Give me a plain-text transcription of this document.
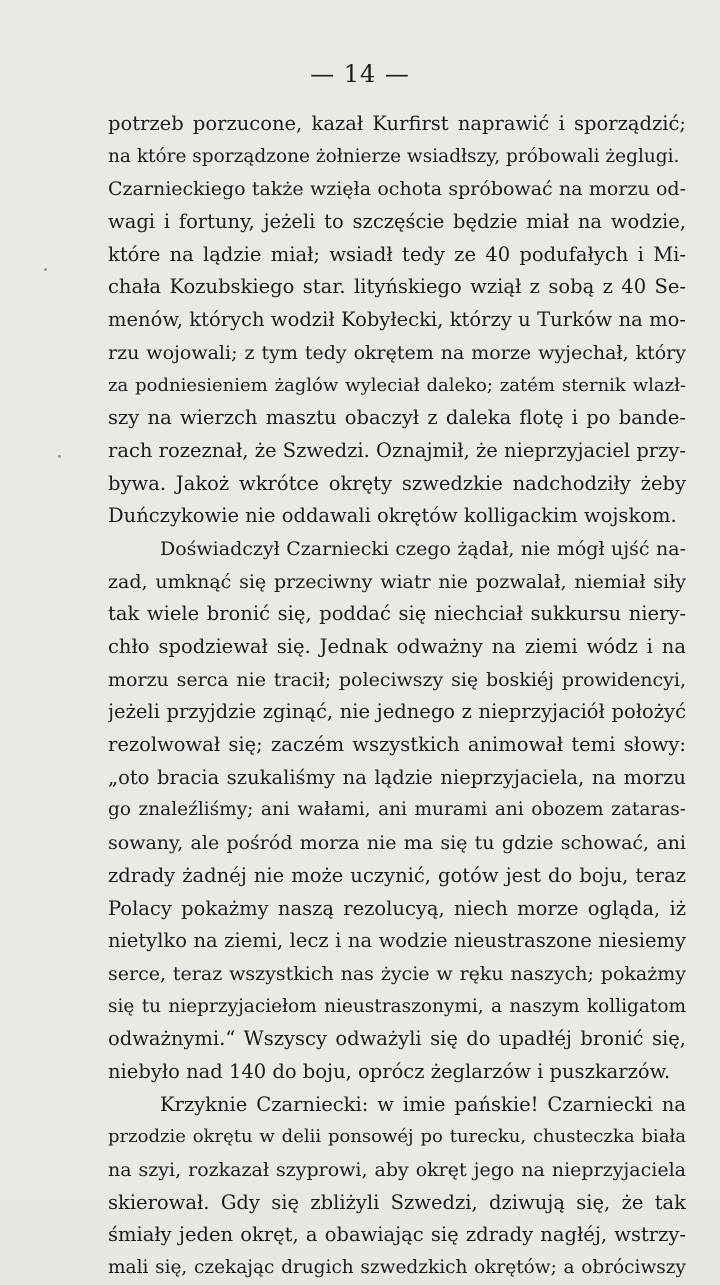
— 14 —
potrzeb porzucone, kazał Kurfirst naprawić i sporządzić;
na które sporządzone żołnierze wsiadłszy, próbowali żeglugi.
Czarnieckiego także wzięła ochota spróbować na morzu od-
wagi i fortuny, jeżeli to szczęście będzie miał na wodzie,
które na lądzie miał; wsiadł tedy ze 40 podufałych i Mi-
chała Kozubskiego star. lityńskiego wziął z sobą z 40 Se-
menów, których wodził Kobyłecki, którzy u Turków na mo-
rzu wojowali; z tym tedy okrętem na morze wyjechał, który
za podniesieniem żaglów wyleciał daleko; zatém sternik wlazł-
szy na wierzch masztu obaczył z daleka flotę i po bande-
rach rozeznał, że Szwedzi. Oznajmił, że nieprzyjaciel przy-
bywa. Jakoż wkrótce okręty szwedzkie nadchodziły żeby
Duńczykowie nie oddawali okrętów kolligackim wojskom.
Doświadczył Czarniecki czego żądał, nie mógł ujść na-
zad, umknąć się przeciwny wiatr nie pozwalał, niemiał siły
tak wiele bronić się, poddać się niechciał sukkursu niery-
chło spodziewał się. Jednak odważny na ziemi wódz i na
morzu serca nie tracił; poleciwszy się boskiéj prowidencyi,
jeżeli przyjdzie zginąć, nie jednego z nieprzyjaciół położyć
rezolwował się; zaczém wszystkich animował temi słowy:
„oto bracia szukaliśmy na lądzie nieprzyjaciela, na morzu
go znaleźliśmy; ani wałami, ani murami ani obozem zataras-
sowany, ale pośród morza nie ma się tu gdzie schować, ani
zdrady żadnéj nie może uczynić, gotów jest do boju, teraz
Polacy pokażmy naszą rezolucyą, niech morze ogląda, iż
nietylko na ziemi, lecz i na wodzie nieustraszone niesiemy
serce, teraz wszystkich nas życie w ręku naszych; pokażmy
się tu nieprzyjaciełom nieustraszonymi, a naszym kolligatom
odważnymi.“ Wszyscy odważyli się do upadłéj bronić się,
niebyło nad 140 do boju, oprócz żeglarzów i puszkarzów.
Krzyknie Czarniecki: w imie pańskie! Czarniecki na
przodzie okrętu w delii ponsowéj po turecku, chusteczka biała
na szyi, rozkazał szyprowi, aby okręt jego na nieprzyjaciela
skierował. Gdy się zbliżyli Szwedzi, dziwują się, że tak
śmiały jeden okręt, a obawiając się zdrady nagłéj, wstrzy-
mali się, czekając drugich szwedzkich okrętów; a obróciwszy
